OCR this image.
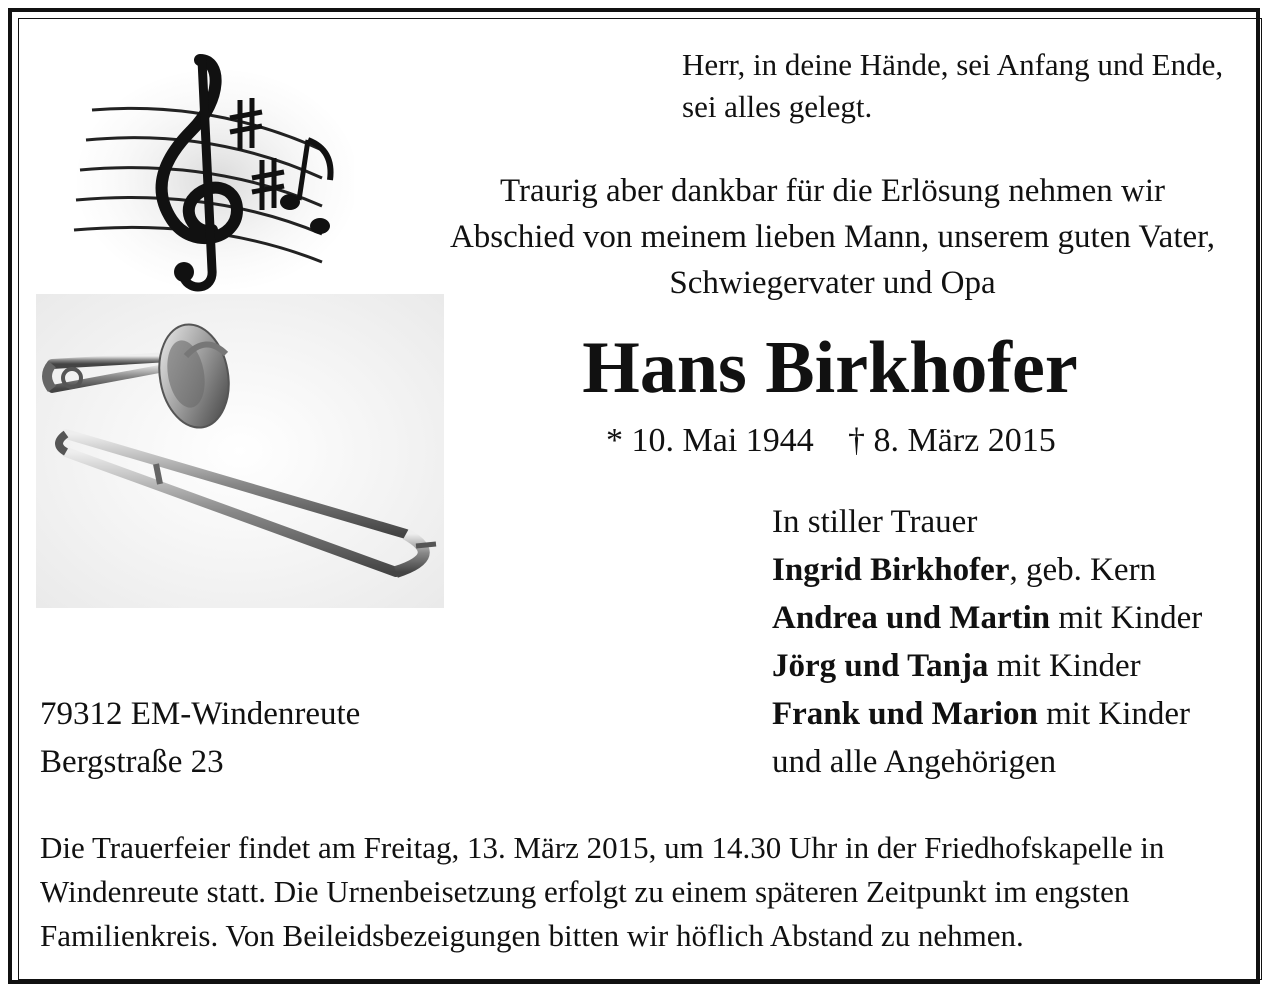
Herr, in deine Hände, sei Anfang und Ende,
sei alles gelegt.
Traurig aber dankbar für die Erlösung nehmen wir
Abschied von meinem lieben Mann, unserem guten Vater,
Schwiegervater und Opa
Hans Birkhofer

* 10. Mai 1944

† 8. März 2015

In stiller Trauer
Ingrid Birkhofer, geb. Kern
Andrea und Martin mit Kinder
Jörg und Tanja mit Kinder
Frank und Marion mit Kinder
und alle Angehörigen
79312 EM-Windenreute
Bergstraße 23
Die Trauerfeier findet am Freitag, 13. März 2015, um 14.30 Uhr in der Friedhofskapelle in
Windenreute statt. Die Urnenbeisetzung erfolgt zu einem späteren Zeitpunkt im engsten
Familienkreis. Von Beileidsbezeigungen bitten wir höflich Abstand zu nehmen.
